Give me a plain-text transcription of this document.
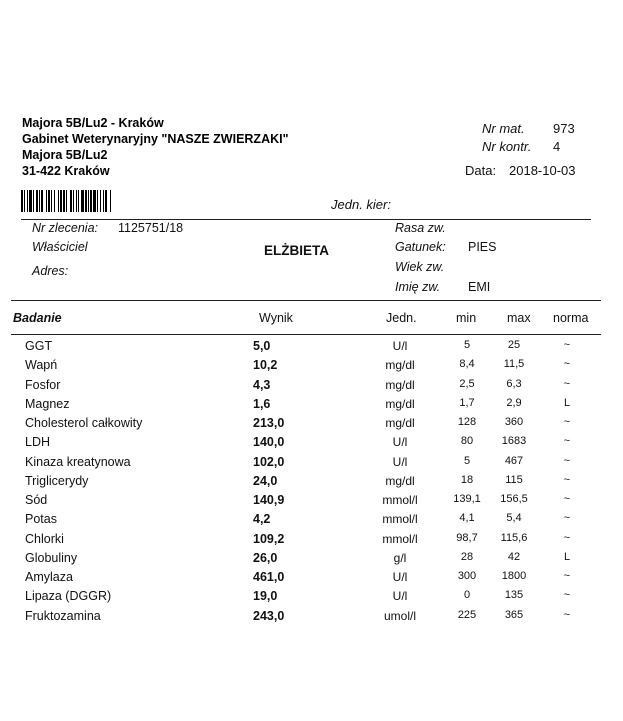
Majora 5B/Lu2 - Kraków
Gabinet Weterynaryjny "NASZE ZWIERZAKI"
Majora 5B/Lu2
31-422 Kraków
Nr mat. 973
Nr kontr. 4
Data: 2018-10-03
Jedn. kier:
Nr zlecenia: 1125751/18
Właściciel	ELŻBIETA
Adres:
Rasa zw.
Gatunek: PIES
Wiek zw.
Imię zw. EMI
Badanie	Wynik	Jedn.	min max norma
GGT	5,0	U/l	5	25	~
Wapń	10,2	mg/dl	8,4	11,5	~
Fosfor	4,3	mg/dl	2,5	6,3	~
Magnez	1,6	mg/dl	1,7	2,9	L
Cholesterol całkowity	213,0	mg/dl	128	360	~
LDH	140,0	U/l	80	1683	~
Kinaza kreatynowa	102,0	U/l	5	467	~
Triglicerydy	24,0	mg/dl	18	115	~
Sód	140,9	mmol/l	139,1	156,5	~
Potas	4,2	mmol/l	4,1	5,4	~
Chlorki	109,2	mmol/l	98,7	115,6	~
Globuliny	26,0	g/l	28	42	L
Amylaza	461,0	U/l	300	1800	~
Lipaza (DGGR)	19,0	U/l	0	135	~
Fruktozamina	243,0	umol/l	225	365	~
